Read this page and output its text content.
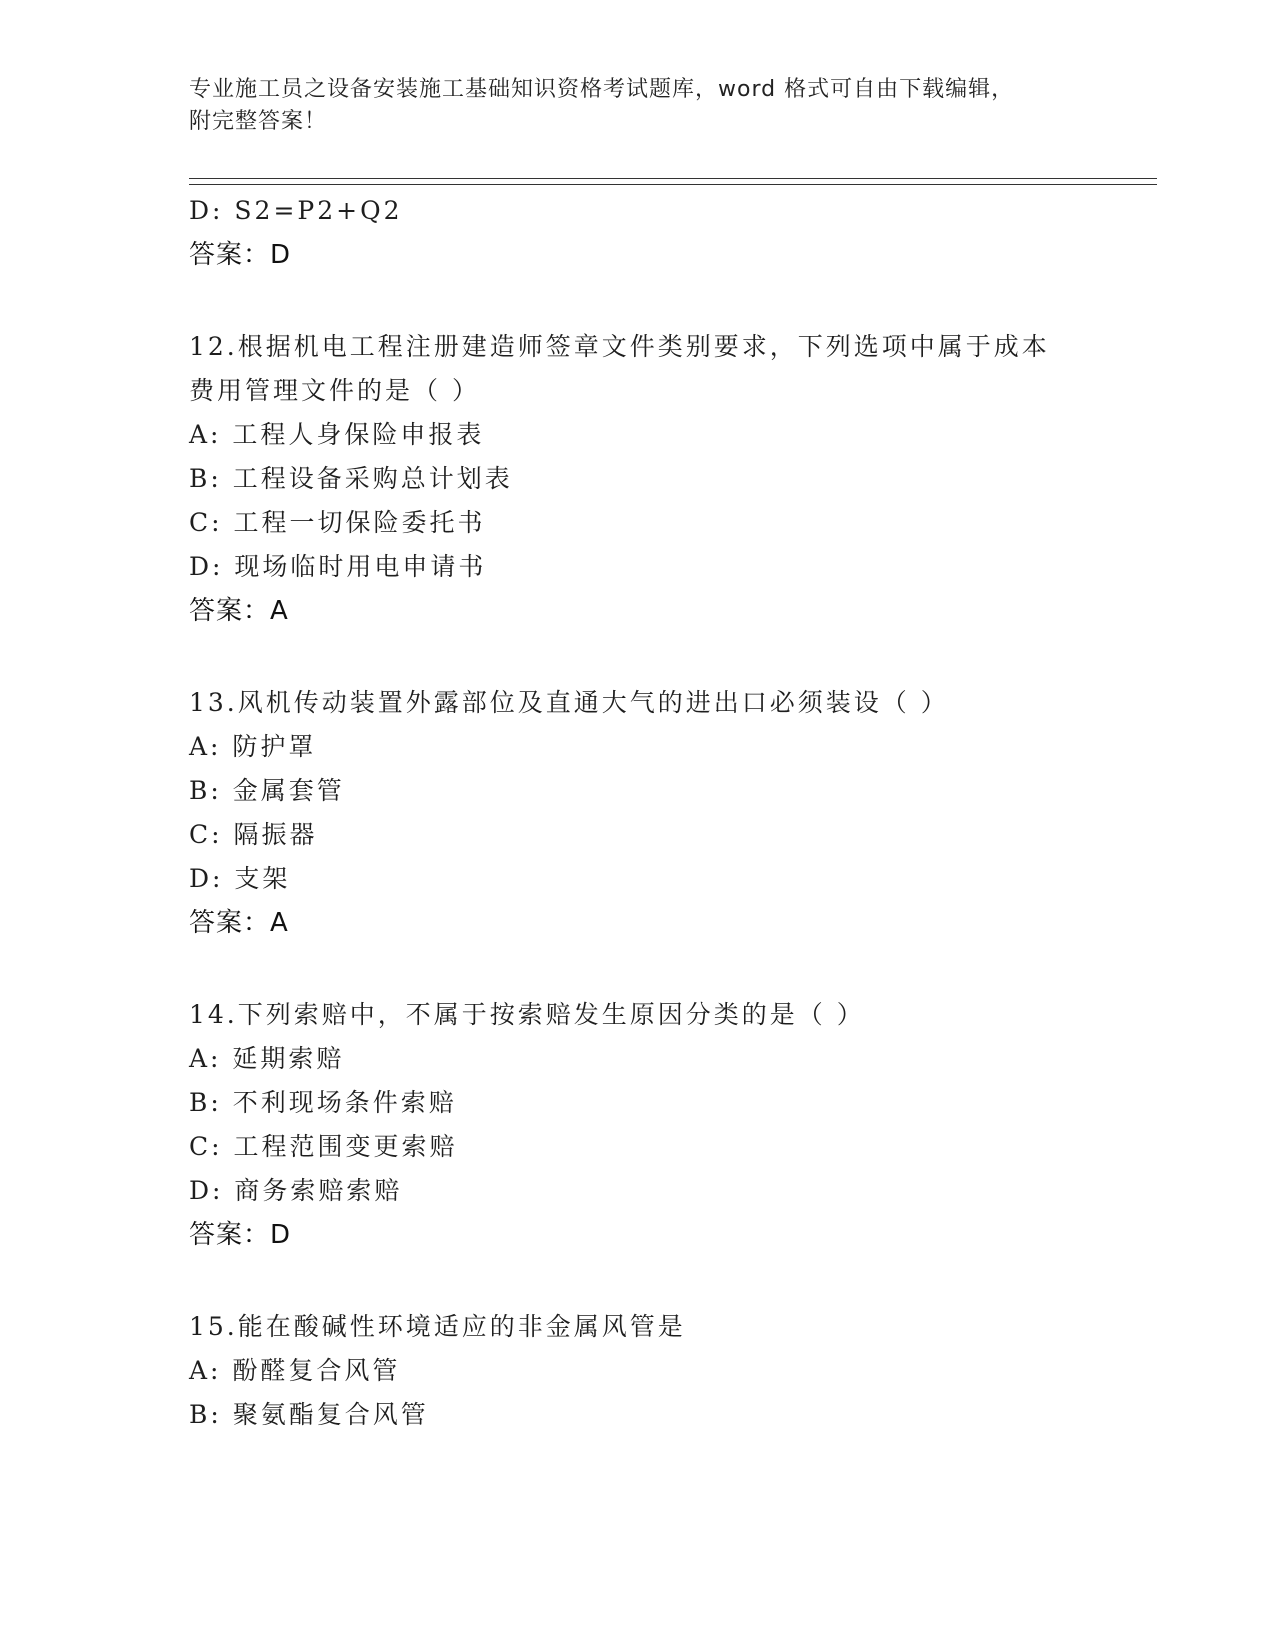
专业施工员之设备安装施工基础知识资格考试题库，word 格式可自由下载编辑，
附完整答案！
D: S2=P2+Q2
答案：D
12.根据机电工程注册建造师签章文件类别要求，下列选项中属于成本
费用管理文件的是（ ）
A: 工程人身保险申报表
B: 工程设备采购总计划表
C: 工程一切保险委托书
D: 现场临时用电申请书
答案：A
13.风机传动装置外露部位及直通大气的进出口必须装设（ ）
A: 防护罩
B: 金属套管
C: 隔振器
D: 支架
答案：A
14.下列索赔中，不属于按索赔发生原因分类的是（ ）
A: 延期索赔
B: 不利现场条件索赔
C: 工程范围变更索赔
D: 商务索赔索赔
答案：D
15.能在酸碱性环境适应的非金属风管是
A: 酚醛复合风管
B: 聚氨酯复合风管
